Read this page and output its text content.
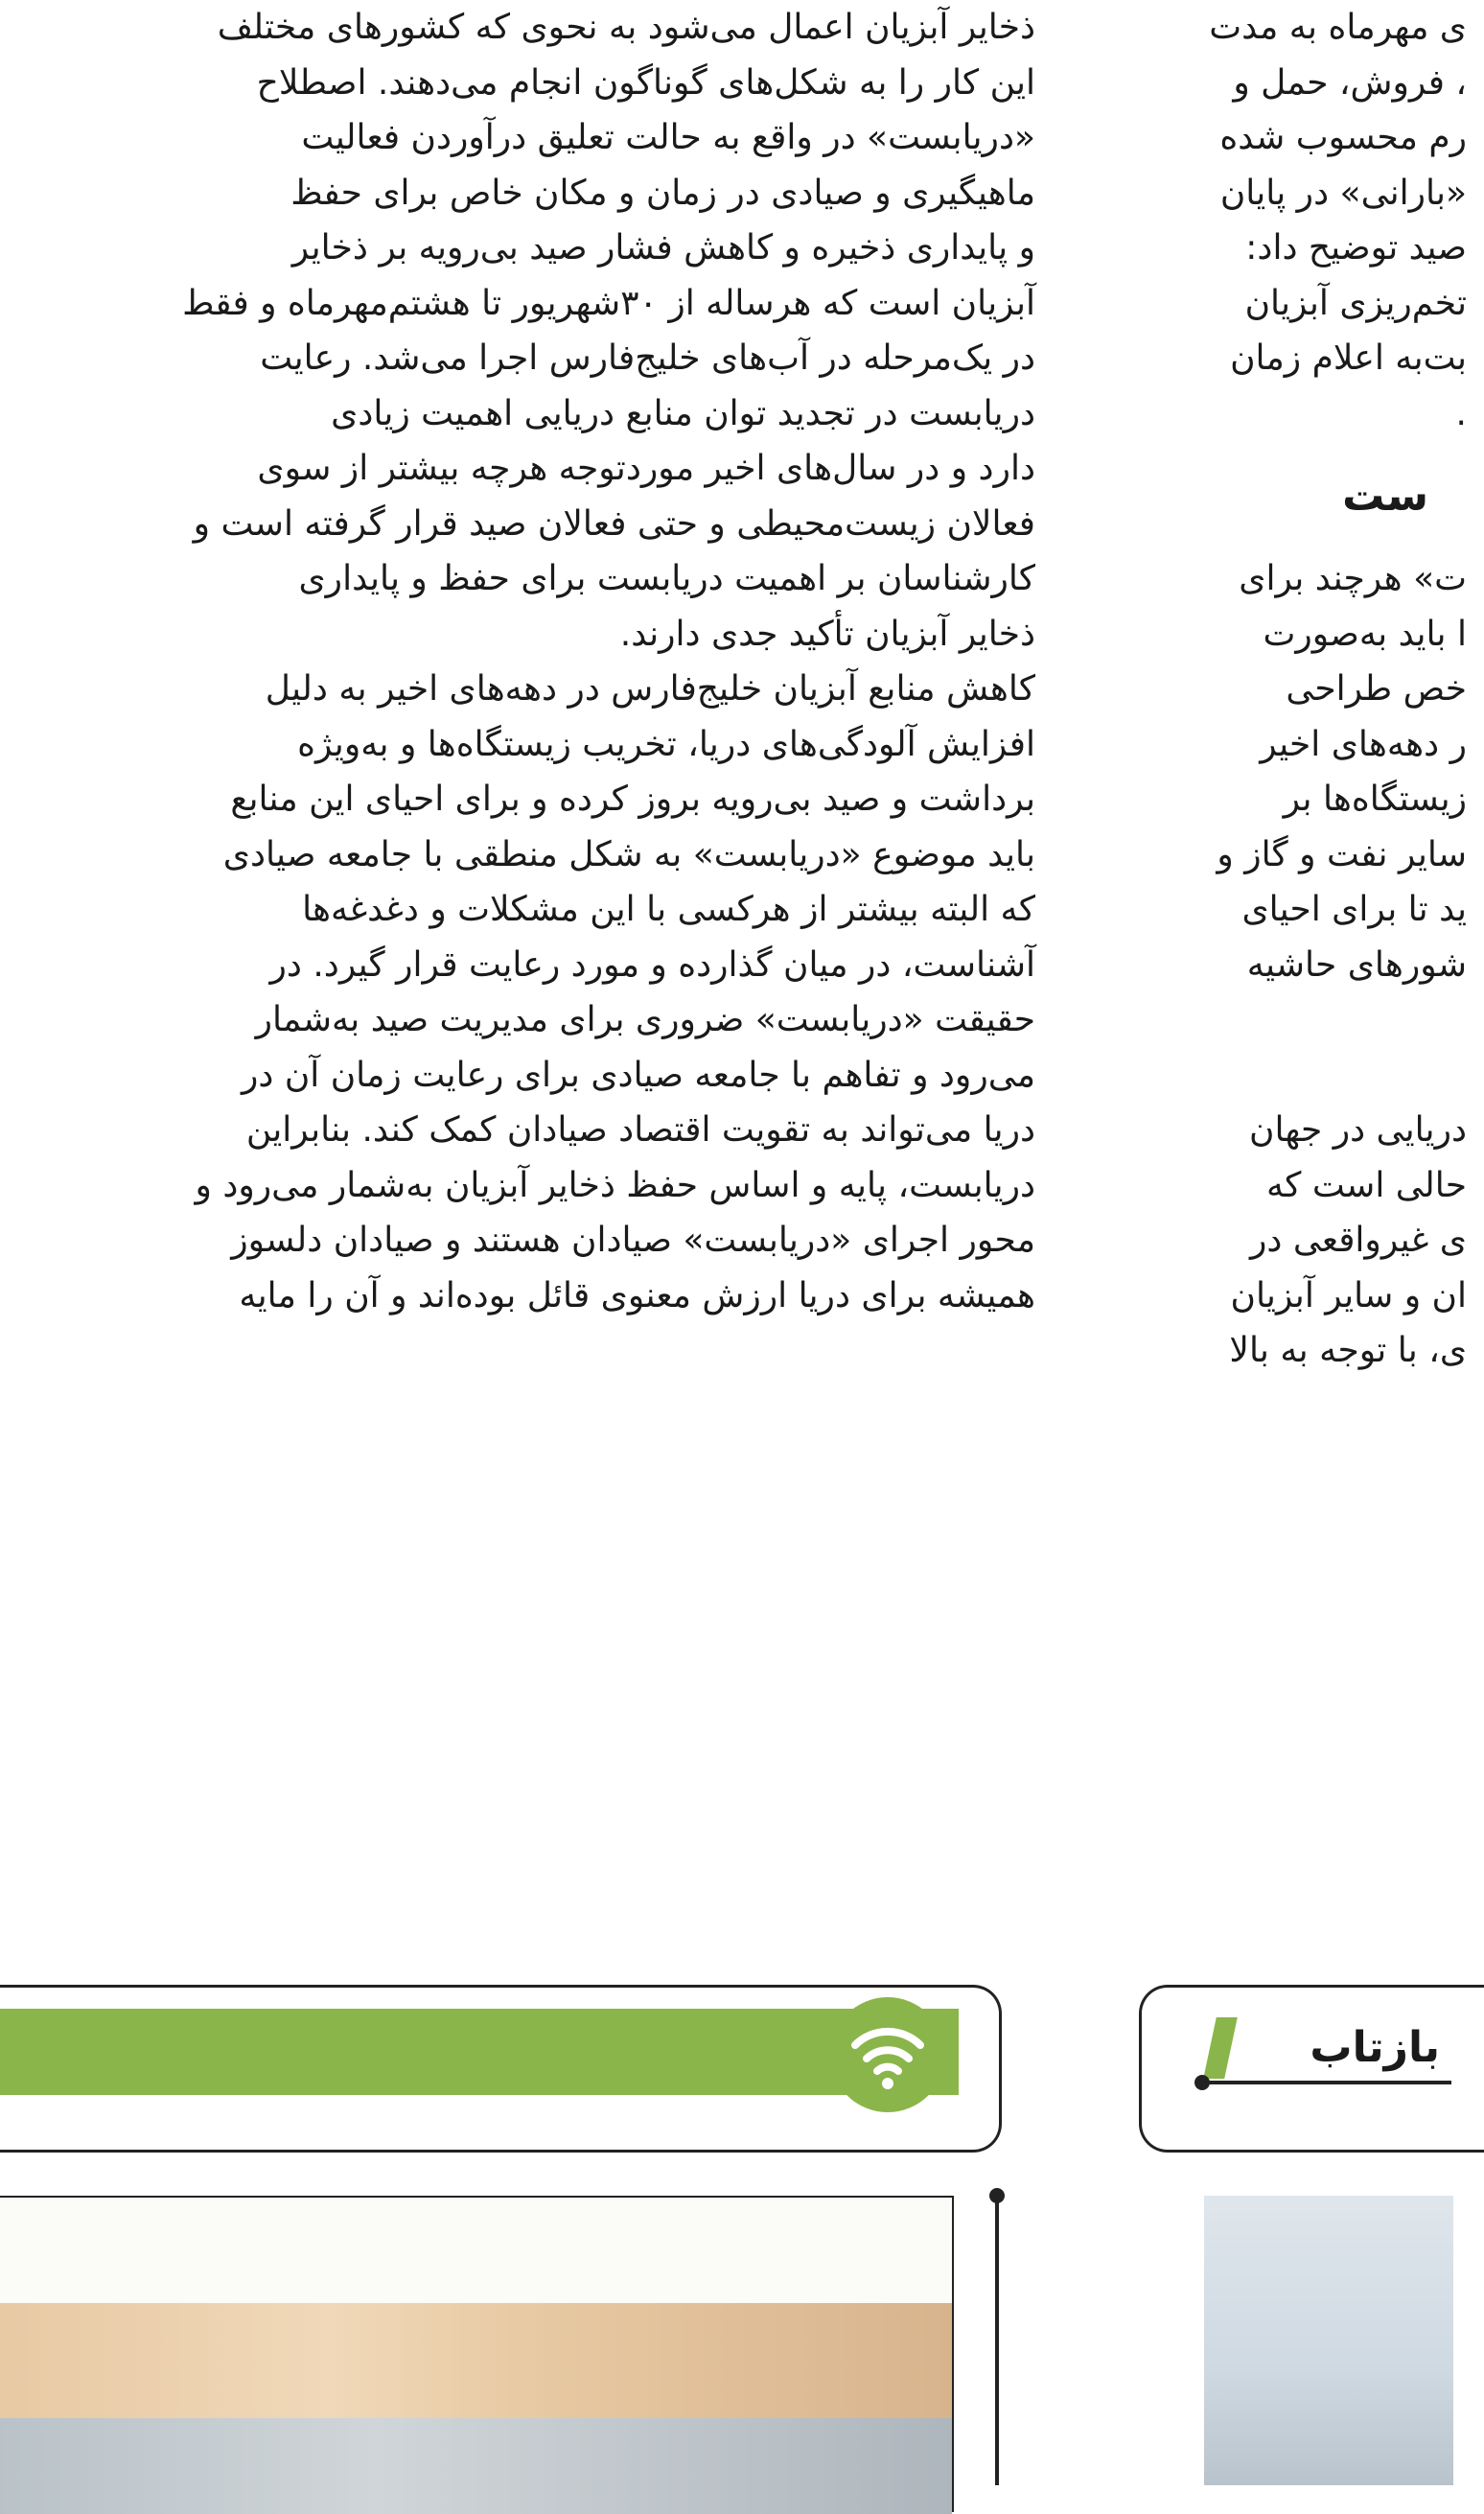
ذخایر آبزیان اعمال می‌شود به نحوی که کشورهای مختلف
این کار را به شکل‌های گوناگون انجام می‌دهند. اصطلاح
«دریابست» در واقع به حالت تعلیق درآوردن فعالیت
ماهیگیری و صیادی در زمان و مکان خاص برای حفظ
و پایداری ذخیره و کاهش فشار صید بی‌رویه بر ذخایر
آبزیان است که هرساله از ۳۰شهریور تا هشتم‌مهرماه و فقط
در یک‌مرحله در آب‌های خلیج‌فارس اجرا می‌شد. رعایت
دریابست در تجدید توان منابع دریایی اهمیت زیادی
دارد و در سال‌های اخیر موردتوجه هرچه بیشتر از سوی
فعالان زیست‌محیطی و حتی فعالان صید قرار گرفته است و
کارشناسان بر اهمیت دریابست برای حفظ و پایداری
ذخایر آبزیان تأکید جدی دارند.
کاهش منابع آبزیان خلیج‌فارس در دهه‌های اخیر به دلیل
افزایش آلودگی‌های دریا، تخریب زیستگاه‌ها و به‌ویژه
برداشت و صید بی‌رویه بروز کرده و برای احیای این منابع
باید موضوع «دریابست» به شکل منطقی با جامعه صیادی
که البته بیشتر از هرکسی با این مشکلات و دغدغه‌ها
آشناست، در میان گذارده و مورد رعایت قرار گیرد. در
حقیقت «دریابست» ضروری برای مدیریت صید به‌شمار
می‌رود و تفاهم با جامعه صیادی برای رعایت زمان آن در
دریا می‌تواند به تقویت اقتصاد صیادان کمک کند. بنابراین
دریابست، پایه و اساس حفظ ذخایر آبزیان به‌شمار می‌رود و
محور اجرای «دریابست» صیادان هستند و صیادان دلسوز
همیشه برای دریا ارزش معنوی قائل بوده‌اند و آن را مایه
ی مهرماه به مدت
، فروش، حمل و
رم محسوب شده
«بارانی» در پایان
صید توضیح داد:
تخم‌ریزی آبزیان
بت‌به اعلام زمان
.
ست
ت» هرچند برای
ا باید به‌صورت
خص طراحی
ر دهه‌های اخیر
زیستگاه‌ها بر
سایر نفت و گاز و
ید تا برای احیای
شورهای حاشیه
دریایی در جهان
حالی است که
ی غیرواقعی در
ان و سایر آبزیان
ی، با توجه به بالا
بازتاب
